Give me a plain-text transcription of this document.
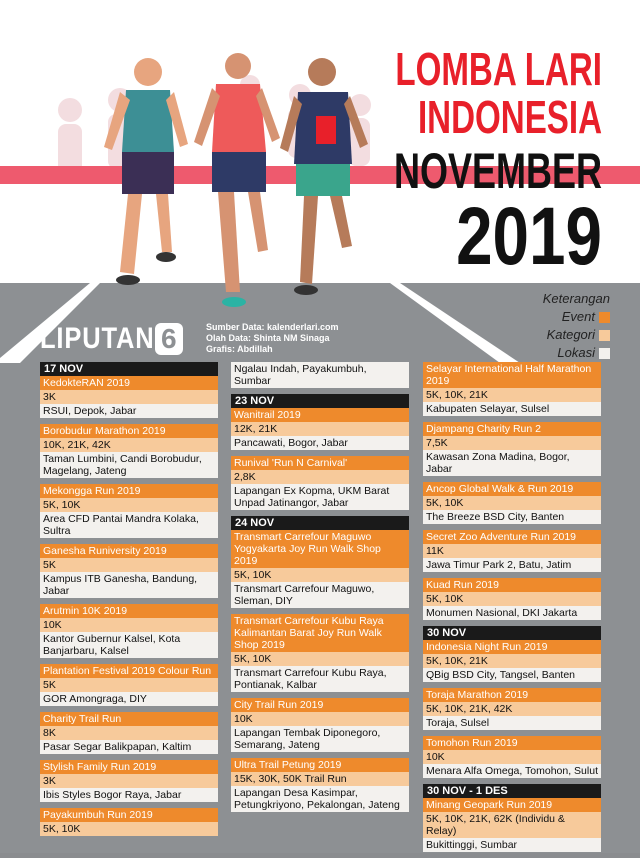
LOMBA LARI
INDONESIA
NOVEMBER
2019
Keterangan
Event
Kategori
Lokasi
LIPUTAN 6	Sumber Data: kalenderlari.com
Olah Data: Shinta NM Sinaga
Grafis: Abdillah
17 NOV
KedokteRAN 2019
3K
RSUI, Depok, Jabar
Borobudur Marathon 2019
10K, 21K, 42K
Taman Lumbini, Candi Borobudur, Magelang, Jateng
Mekongga Run 2019
5K, 10K
Area CFD Pantai Mandra Kolaka, Sultra
Ganesha Runiversity 2019
5K
Kampus ITB Ganesha, Bandung, Jabar
Arutmin 10K 2019
10K
Kantor Gubernur Kalsel, Kota Banjarbaru, Kalsel
Plantation Festival 2019 Colour Run
5K
GOR Amongraga, DIY
Charity Trail Run
8K
Pasar Segar Balikpapan, Kaltim
Stylish Family Run 2019
3K
Ibis Styles Bogor Raya, Jabar
Payakumbuh Run 2019
5K, 10K
Ngalau Indah, Payakumbuh, Sumbar
23 NOV
Wanitrail 2019
12K, 21K
Pancawati, Bogor, Jabar
Runival 'Run N Carnival'
2,8K
Lapangan Ex Kopma, UKM Barat Unpad Jatinangor, Jabar
24 NOV
Transmart Carrefour Maguwo Yogyakarta Joy Run Walk Shop 2019
5K, 10K
Transmart Carrefour Maguwo, Sleman, DIY
Transmart Carrefour Kubu Raya Kalimantan Barat Joy Run Walk Shop 2019
5K, 10K
Transmart Carrefour Kubu Raya, Pontianak, Kalbar
City Trail Run 2019
10K
Lapangan Tembak Diponegoro, Semarang, Jateng
Ultra Trail Petung 2019
15K, 30K, 50K Trail Run
Lapangan Desa Kasimpar, Petungkriyono, Pekalongan, Jateng
Selayar International Half Marathon 2019
5K, 10K, 21K
Kabupaten Selayar, Sulsel
Djampang Charity Run 2
7,5K
Kawasan Zona Madina, Bogor, Jabar
Ancop Global Walk & Run 2019
5K, 10K
The Breeze BSD City, Banten
Secret Zoo Adventure Run 2019
11K
Jawa Timur Park 2, Batu, Jatim
Kuad Run 2019
5K, 10K
Monumen Nasional, DKI Jakarta
30 NOV
Indonesia Night Run 2019
5K, 10K, 21K
QBig BSD City, Tangsel, Banten
Toraja Marathon 2019
5K, 10K, 21K, 42K
Toraja, Sulsel
Tomohon Run 2019
10K
Menara Alfa Omega, Tomohon, Sulut
30 NOV - 1 DES
Minang Geopark Run 2019
5K, 10K, 21K, 62K (Individu & Relay)
Bukittinggi, Sumbar
